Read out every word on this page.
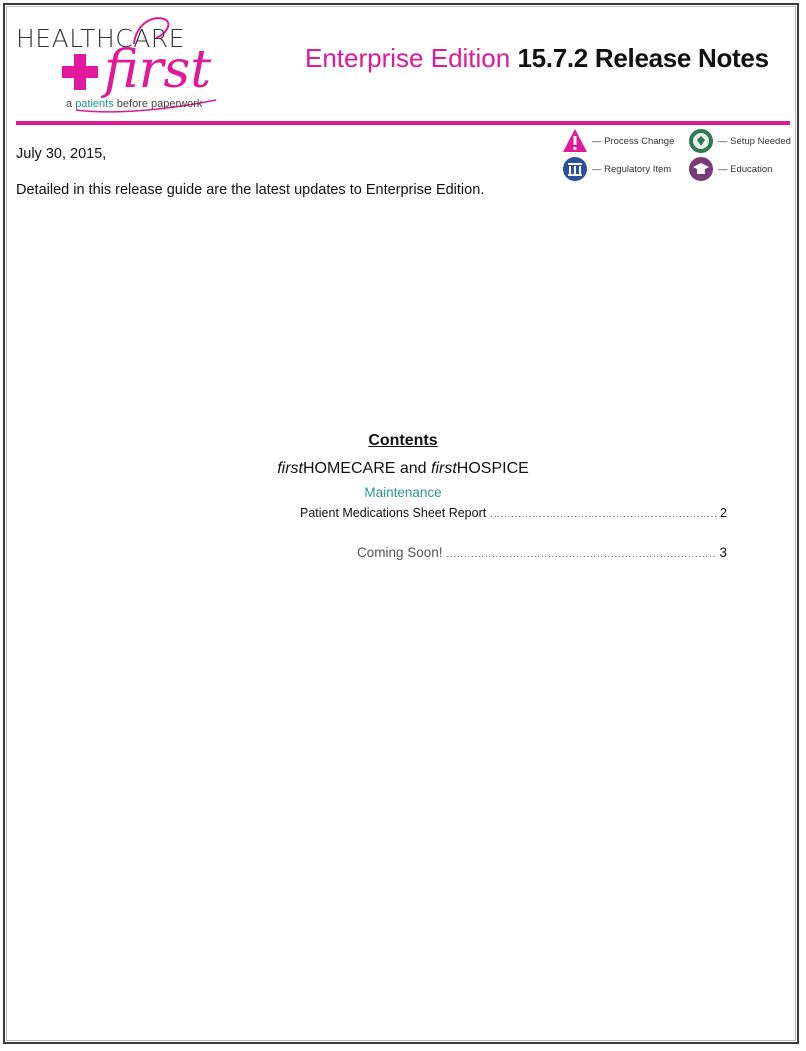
HEALTHCARE
first
a patients before paperwork
Enterprise Edition 15.7.2 Release Notes
— Process Change	— Setup Needed
— Regulatory Item	— Education
July 30, 2015,
Detailed in this release guide are the latest updates to Enterprise Edition.
Contents
firstHOMECARE and firstHOSPICE
Maintenance
Patient Medications Sheet Report .....	2
Coming Soon! .....	3
